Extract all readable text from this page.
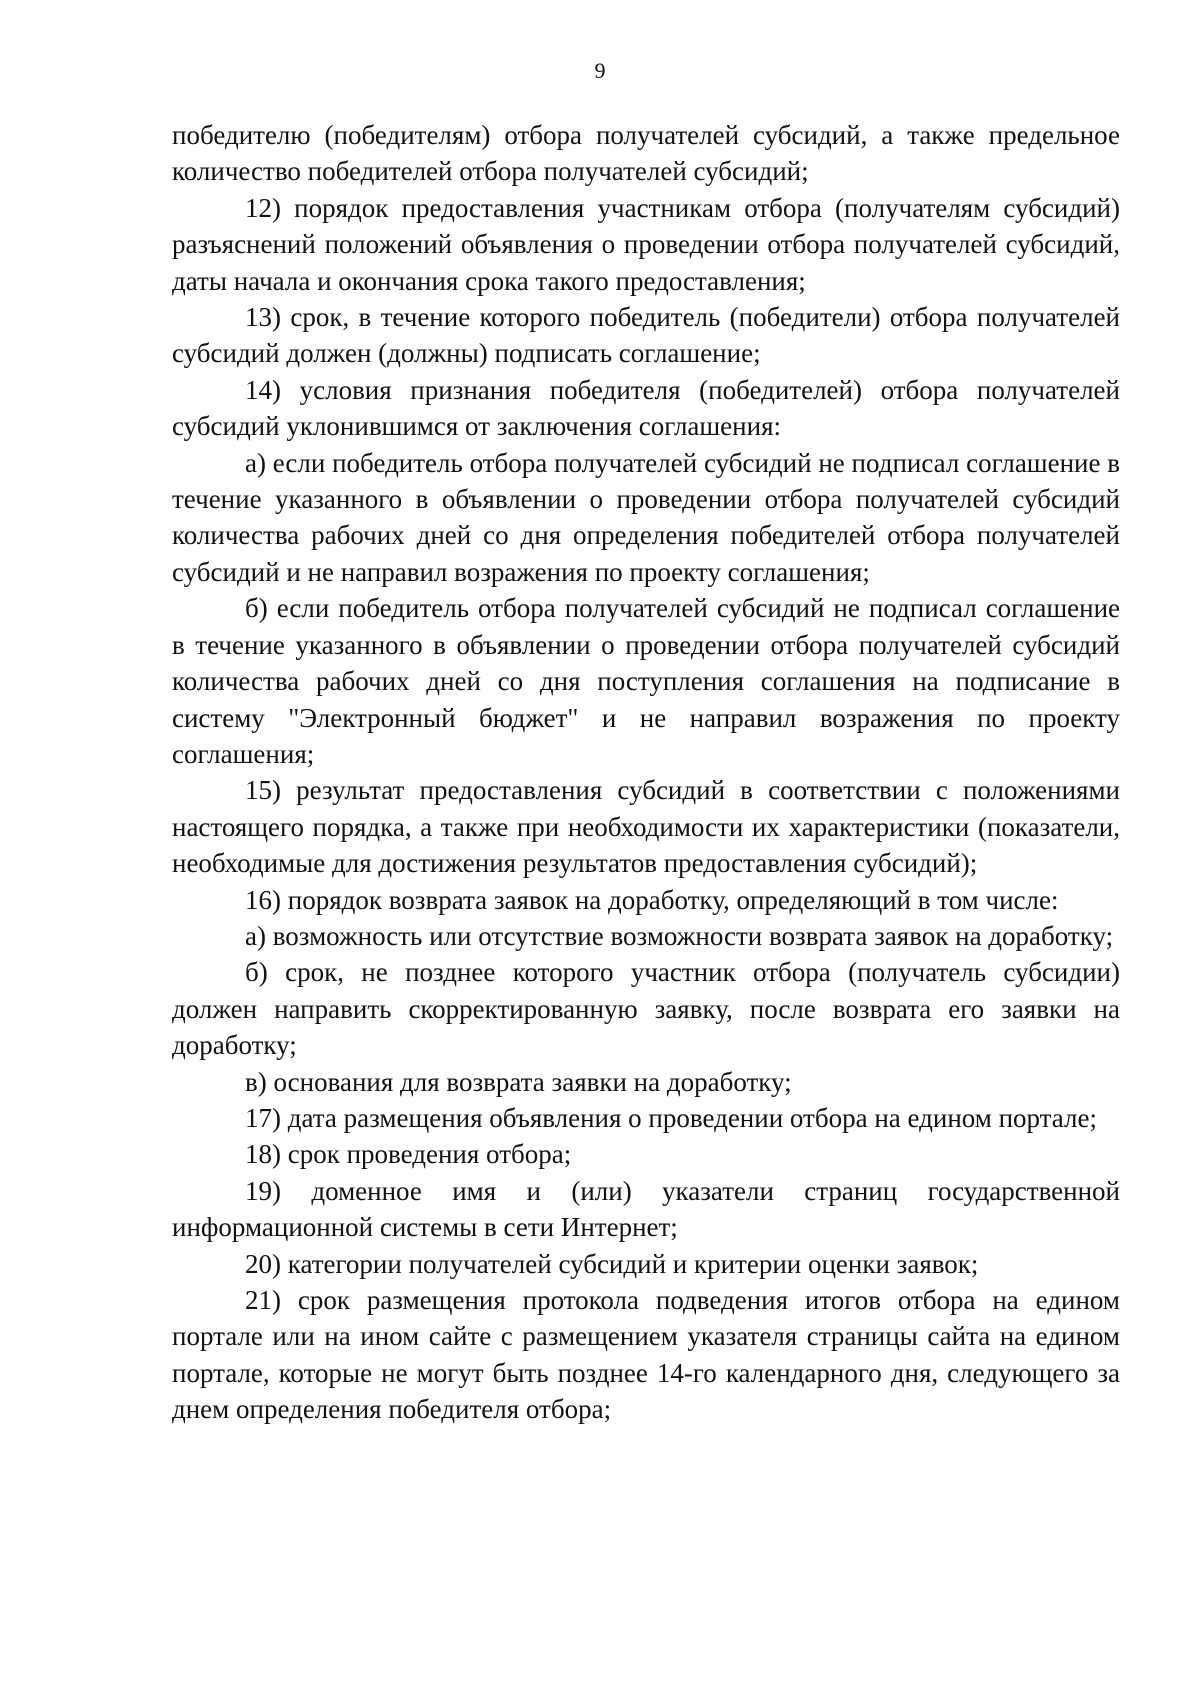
9

победителю (победителям) отбора получателей субсидий, а также предельное количество победителей отбора получателей субсидий;

12) порядок предоставления участникам отбора (получателям субсидий) разъяснений положений объявления о проведении отбора получателей субсидий, даты начала и окончания срока такого предоставления;

13) срок, в течение которого победитель (победители) отбора получателей субсидий должен (должны) подписать соглашение;

14) условия признания победителя (победителей) отбора получателей субсидий уклонившимся от заключения соглашения:

а) если победитель отбора получателей субсидий не подписал соглашение в течение указанного в объявлении о проведении отбора получателей субсидий количества рабочих дней со дня определения победителей отбора получателей субсидий и не направил возражения по проекту соглашения;

б) если победитель отбора получателей субсидий не подписал соглашение в течение указанного в объявлении о проведении отбора получателей субсидий количества рабочих дней со дня поступления соглашения на подписание в систему "Электронный бюджет" и не направил возражения по проекту соглашения;

15) результат предоставления субсидий в соответствии с положениями настоящего порядка, а также при необходимости их характеристики (показатели, необходимые для достижения результатов предоставления субсидий);

16) порядок возврата заявок на доработку, определяющий в том числе:

а) возможность или отсутствие возможности возврата заявок на доработку;

б) срок, не позднее которого участник отбора (получатель субсидии) должен направить скорректированную заявку, после возврата его заявки на доработку;

в) основания для возврата заявки на доработку;

17) дата размещения объявления о проведении отбора на едином портале;

18) срок проведения отбора;

19) доменное имя и (или) указатели страниц государственной информационной системы в сети Интернет;

20) категории получателей субсидий и критерии оценки заявок;

21) срок размещения протокола подведения итогов отбора на едином портале или на ином сайте с размещением указателя страницы сайта на едином портале, которые не могут быть позднее 14-го календарного дня, следующего за днем определения победителя отбора;
